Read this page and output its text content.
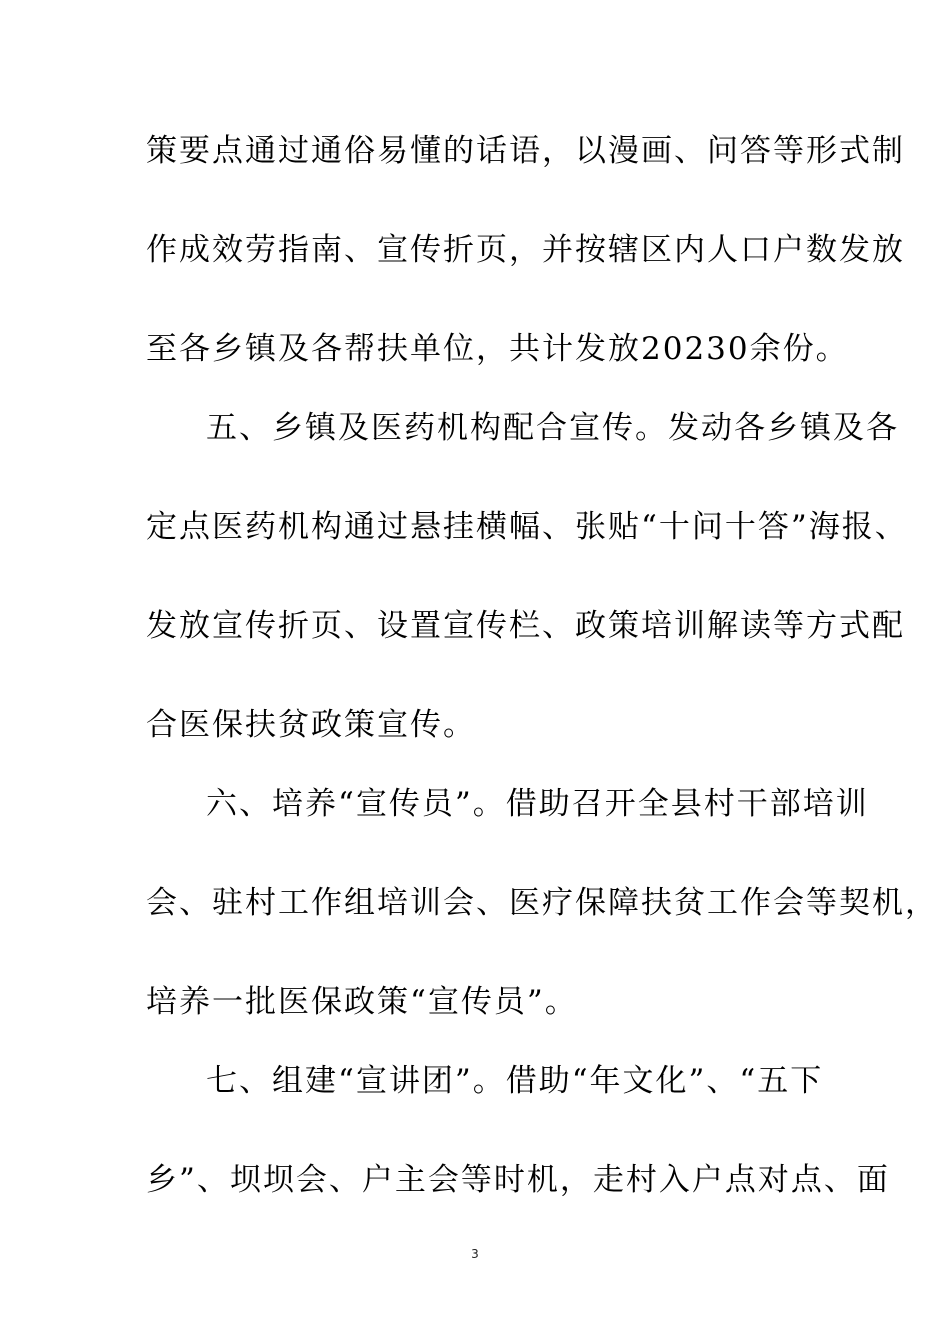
策要点通过通俗易懂的话语，以漫画、问答等形式制
作成效劳指南、宣传折页，并按辖区内人口户数发放
至各乡镇及各帮扶单位，共计发放20230余份。
五、乡镇及医药机构配合宣传。发动各乡镇及各
定点医药机构通过悬挂横幅、张贴“十问十答”海报、
发放宣传折页、设置宣传栏、政策培训解读等方式配
合医保扶贫政策宣传。
六、培养“宣传员”。借助召开全县村干部培训
会、驻村工作组培训会、医疗保障扶贫工作会等契机，
培养一批医保政策“宣传员”。
七、组建“宣讲团”。借助“年文化”、“五下
乡”、坝坝会、户主会等时机，走村入户点对点、面
3
